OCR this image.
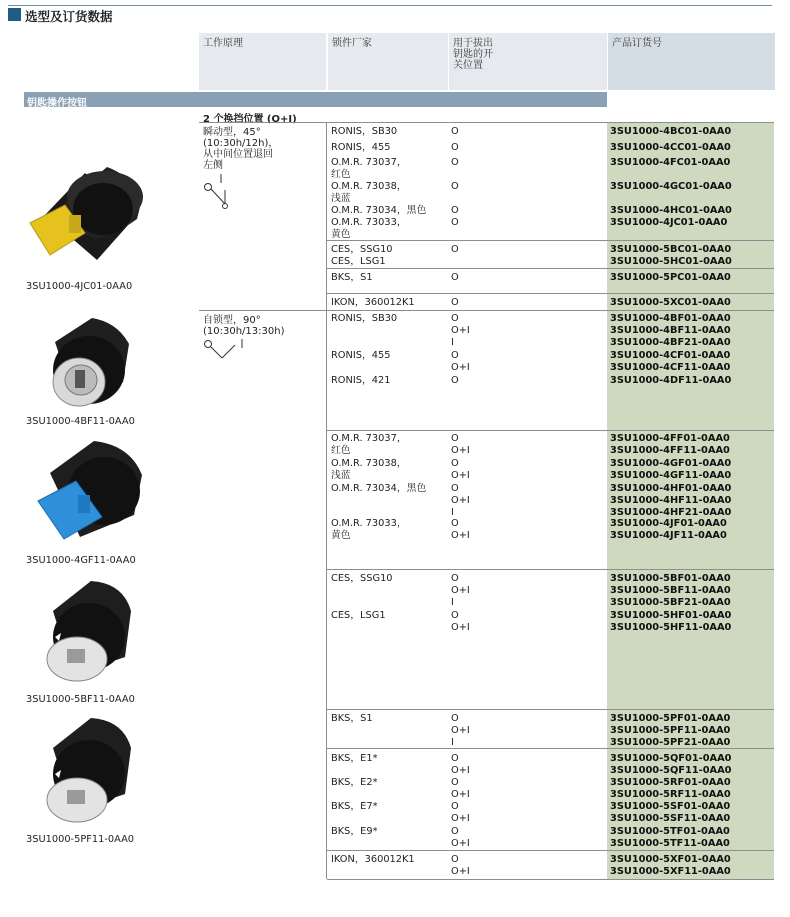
选型及订货数据
工作原理	锁件厂家	用于拔出
钥匙的开
关位置
产品订货号
钥匙操作按钮
2 个换挡位置 (O+I)
瞬动型，45°
(10:30h/12h)，
从中间位置退回
左侧
自锁型，90°
(10:30h/13:30h)
3SU1000-4JC01-0AA0
3SU1000-4BF11-0AA0
3SU1000-4GF11-0AA0
3SU1000-5BF11-0AA0
3SU1000-5PF11-0AA0
RONIS，SB30
RONIS，455
O.M.R. 73037，
红色
O.M.R. 73038，
浅蓝
O.M.R. 73034，黑色
O.M.R. 73033，
黄色
CES，SSG10
CES，LSG1
BKS，S1
IKON，360012K1
RONIS，SB30
RONIS，455
RONIS，421
O.M.R. 73037，
红色
O.M.R. 73038，
浅蓝
O.M.R. 73034，黑色
O.M.R. 73033，
黄色
CES，SSG10
CES，LSG1
BKS，S1
BKS，E1*
BKS，E2*
BKS，E7*
BKS，E9*
IKON，360012K1
O
O
O
O
O
O
O
O
O
O
O+I
I
O
O+I
O
O
O+I
O
O+I
O
O+I
I
O
O+I
O
O+I
I
O
O+I
O
O+I
I
O
O+I
O
O+I
O
O+I
O
O+I
O
O+I
3SU1000-4BC01-0AA0
3SU1000-4CC01-0AA0
3SU1000-4FC01-0AA0
3SU1000-4GC01-0AA0
3SU1000-4HC01-0AA0
3SU1000-4JC01-0AA0
3SU1000-5BC01-0AA0
3SU1000-5HC01-0AA0
3SU1000-5PC01-0AA0
3SU1000-5XC01-0AA0
3SU1000-4BF01-0AA0
3SU1000-4BF11-0AA0
3SU1000-4BF21-0AA0
3SU1000-4CF01-0AA0
3SU1000-4CF11-0AA0
3SU1000-4DF11-0AA0
3SU1000-4FF01-0AA0
3SU1000-4FF11-0AA0
3SU1000-4GF01-0AA0
3SU1000-4GF11-0AA0
3SU1000-4HF01-0AA0
3SU1000-4HF11-0AA0
3SU1000-4HF21-0AA0
3SU1000-4JF01-0AA0
3SU1000-4JF11-0AA0
3SU1000-5BF01-0AA0
3SU1000-5BF11-0AA0
3SU1000-5BF21-0AA0
3SU1000-5HF01-0AA0
3SU1000-5HF11-0AA0
3SU1000-5PF01-0AA0
3SU1000-5PF11-0AA0
3SU1000-5PF21-0AA0
3SU1000-5QF01-0AA0
3SU1000-5QF11-0AA0
3SU1000-5RF01-0AA0
3SU1000-5RF11-0AA0
3SU1000-5SF01-0AA0
3SU1000-5SF11-0AA0
3SU1000-5TF01-0AA0
3SU1000-5TF11-0AA0
3SU1000-5XF01-0AA0
3SU1000-5XF11-0AA0
